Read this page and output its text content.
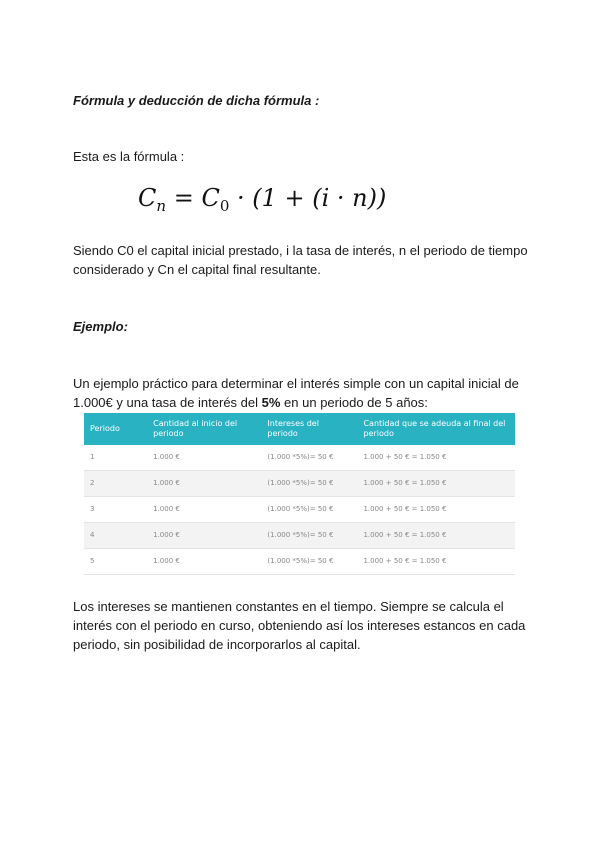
Fórmula y deducción de dicha fórmula :
Esta es la fórmula :
$C_n = C_0 \cdot (1 + (i \cdot n))$
Siendo C0 el capital inicial prestado, i la tasa de interés, n el periodo de tiempo considerado y Cn el capital final resultante.
Ejemplo:
Un ejemplo práctico para determinar el interés simple con un capital inicial de 1.000€ y una tasa de interés del 5% en un periodo de 5 años:
Periodo	Cantidad al inicio del periodo	Intereses del periodo	Cantidad que se adeuda al final del periodo
1	1.000 €	(1.000 *5%)= 50 €	1.000 + 50 € = 1.050 €
2	1.000 €	(1.000 *5%)= 50 €	1.000 + 50 € = 1.050 €
3	1.000 €	(1.000 *5%)= 50 €	1.000 + 50 € = 1.050 €
4	1.000 €	(1.000 *5%)= 50 €	1.000 + 50 € = 1.050 €
5	1.000 €	(1.000 *5%)= 50 €	1.000 + 50 € = 1.050 €
Los intereses se mantienen constantes en el tiempo. Siempre se calcula el interés con el periodo en curso, obteniendo así los intereses estancos en cada periodo, sin posibilidad de incorporarlos al capital.
